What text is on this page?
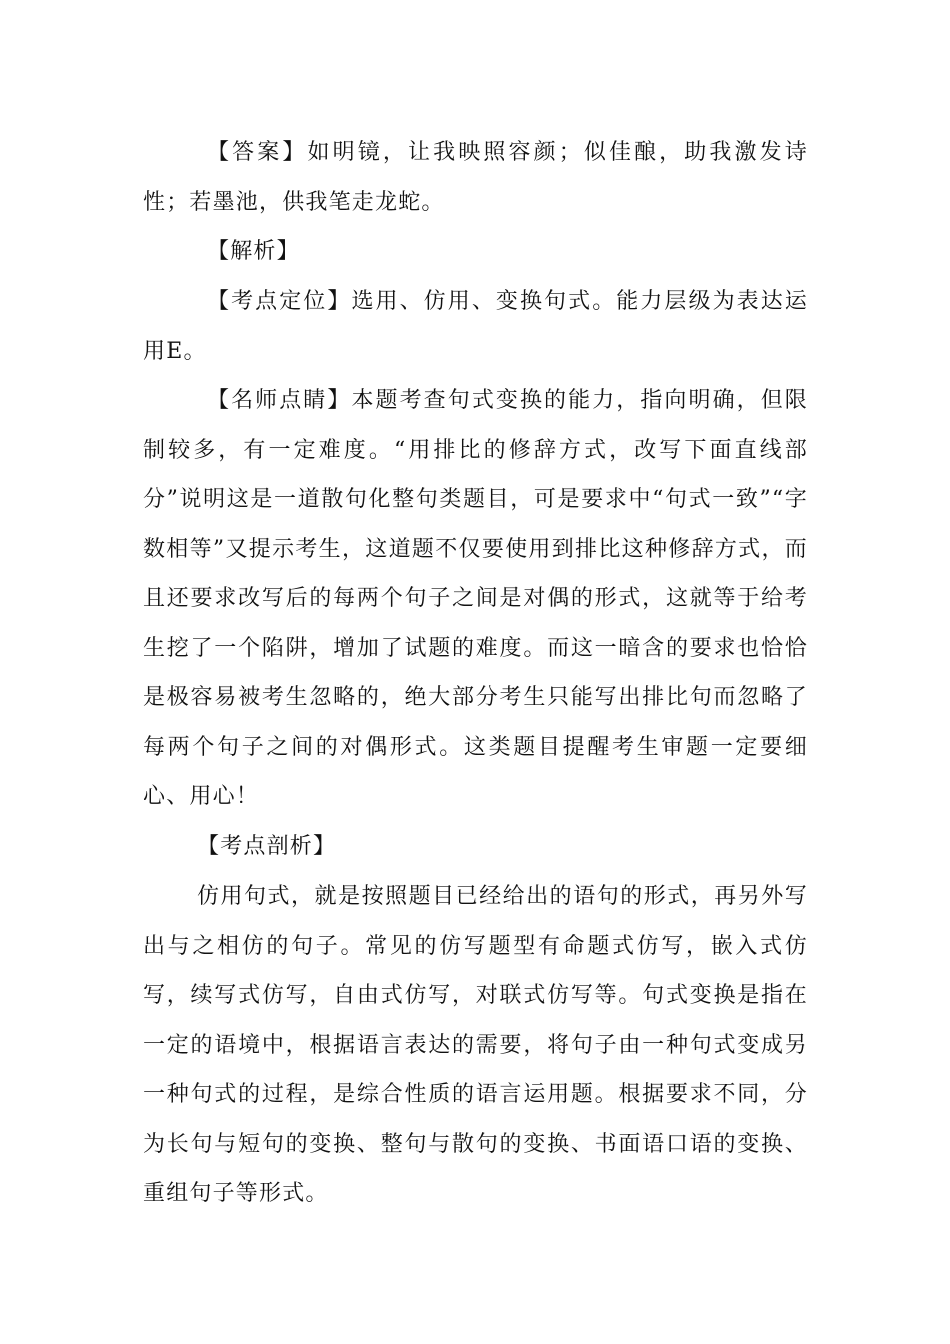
【答案】如明镜，让我映照容颜；似佳酿，助我激发诗性；若墨池，供我笔走龙蛇。

【解析】

【考点定位】选用、仿用、变换句式。能力层级为表达运用E。

【名师点睛】本题考查句式变换的能力，指向明确，但限制较多，有一定难度。“用排比的修辞方式，改写下面直线部分”说明这是一道散句化整句类题目，可是要求中“句式一致”“字数相等”又提示考生，这道题不仅要使用到排比这种修辞方式，而且还要求改写后的每两个句子之间是对偶的形式，这就等于给考生挖了一个陷阱，增加了试题的难度。而这一暗含的要求也恰恰是极容易被考生忽略的，绝大部分考生只能写出排比句而忽略了每两个句子之间的对偶形式。这类题目提醒考生审题一定要细心、用心！

【考点剖析】

仿用句式，就是按照题目已经给出的语句的形式，再另外写出与之相仿的句子。常见的仿写题型有命题式仿写，嵌入式仿写，续写式仿写，自由式仿写，对联式仿写等。句式变换是指在一定的语境中，根据语言表达的需要，将句子由一种句式变成另一种句式的过程，是综合性质的语言运用题。根据要求不同，分为长句与短句的变换、整句与散句的变换、书面语口语的变换、重组句子等形式。
